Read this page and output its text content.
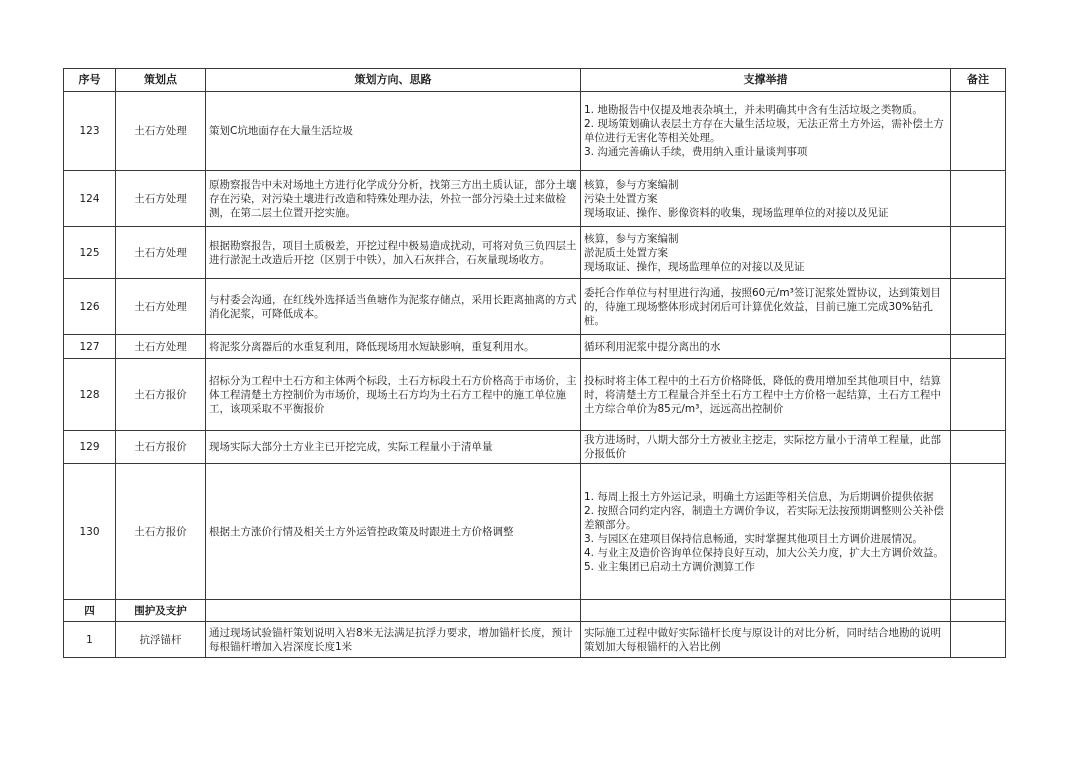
序号	策划点	策划方向、思路	支撑举措	备注
123	土石方处理	策划C坑地面存在大量生活垃圾	1. 地勘报告中仅提及地表杂填土，并未明确其中含有生活垃圾之类物质。
2. 现场策划确认表层土方存在大量生活垃圾，无法正常土方外运，需补偿土方单位进行无害化等相关处理。
3. 沟通完善确认手续，费用纳入重计量谈判事项	
124	土石方处理	原勘察报告中未对场地土方进行化学成分分析，找第三方出土质认证，部分土壤存在污染，对污染土壤进行改造和特殊处理办法，外拉一部分污染土过来做检测，在第二层土位置开挖实施。	核算，参与方案编制
污染土处置方案
现场取证、操作、影像资料的收集，现场监理单位的对接以及见证	
125	土石方处理	根据勘察报告，项目土质极差，开挖过程中极易造成扰动，可将对负三负四层土进行淤泥土改造后开挖（区别于中铁），加入石灰拌合，石灰量现场收方。	核算，参与方案编制
淤泥质土处置方案
现场取证、操作，现场监理单位的对接以及见证	
126	土石方处理	与村委会沟通，在红线外选择适当鱼塘作为泥浆存储点，采用长距离抽离的方式消化泥浆，可降低成本。	委托合作单位与村里进行沟通，按照60元/m³签订泥浆处置协议，达到策划目的，待施工现场整体形成封闭后可计算优化效益，目前已施工完成30%钻孔桩。	
127	土石方处理	将泥浆分离器后的水重复利用，降低现场用水短缺影响，重复利用水。	循环利用泥浆中提分离出的水	
128	土石方报价	招标分为工程中土石方和主体两个标段，土石方标段土石方价格高于市场价，主体工程清楚土方控制价为市场价，现场土石方均为土石方工程中的施工单位施工，该项采取不平衡报价	投标时将主体工程中的土石方价格降低，降低的费用增加至其他项目中，结算时，将清楚土方工程量合并至土石方工程中土方价格一起结算，土石方工程中土方综合单价为85元/m³，远远高出控制价	
129	土石方报价	现场实际大部分土方业主已开挖完成，实际工程量小于清单量	我方进场时，八期大部分土方被业主挖走，实际挖方量小于清单工程量，此部分报低价	
130	土石方报价	根据土方涨价行情及相关土方外运管控政策及时跟进土方价格调整	1. 每周上报土方外运记录，明确土方运距等相关信息，为后期调价提供依据
2. 按照合同约定内容，制造土方调价争议，若实际无法按预期调整则公关补偿差额部分。
3. 与园区在建项目保持信息畅通，实时掌握其他项目土方调价进展情况。
4. 与业主及造价咨询单位保持良好互动，加大公关力度，扩大土方调价效益。
5. 业主集团已启动土方调价测算工作	
四	围护及支护			
1	抗浮锚杆	通过现场试验锚杆策划说明入岩8米无法满足抗浮力要求，增加锚杆长度，预计每根锚杆增加入岩深度长度1米	实际施工过程中做好实际锚杆长度与原设计的对比分析，同时结合地勘的说明策划加大每根锚杆的入岩比例	
